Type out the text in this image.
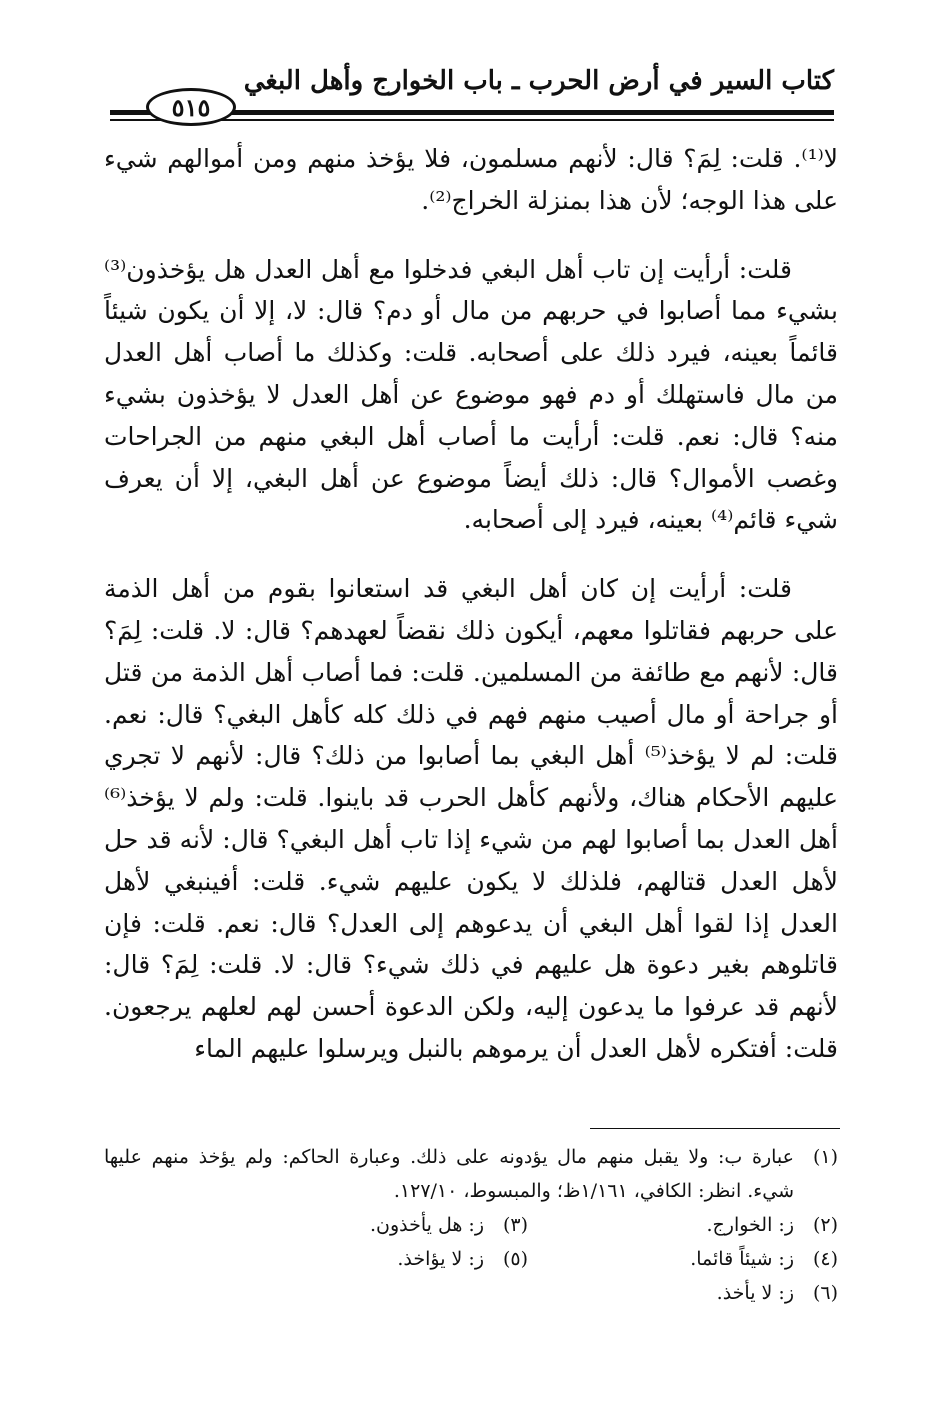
كتاب السير في أرض الحرب ـ باب الخوارج وأهل البغي
٥١٥

لا⁽¹⁾. قلت: لِمَ؟ قال: لأنهم مسلمون، فلا يؤخذ منهم ومن أموالهم شيء على هذا الوجه؛ لأن هذا بمنزلة الخراج⁽²⁾.

قلت: أرأيت إن تاب أهل البغي فدخلوا مع أهل العدل هل يؤخذون⁽³⁾ بشيء مما أصابوا في حربهم من مال أو دم؟ قال: لا، إلا أن يكون شيئاً قائماً بعينه، فيرد ذلك على أصحابه. قلت: وكذلك ما أصاب أهل العدل من مال فاستهلك أو دم فهو موضوع عن أهل العدل لا يؤخذون بشيء منه؟ قال: نعم. قلت: أرأيت ما أصاب أهل البغي منهم من الجراحات وغصب الأموال؟ قال: ذلك أيضاً موضوع عن أهل البغي، إلا أن يعرف شيء قائم⁽⁴⁾ بعينه، فيرد إلى أصحابه.

قلت: أرأيت إن كان أهل البغي قد استعانوا بقوم من أهل الذمة على حربهم فقاتلوا معهم، أيكون ذلك نقضاً لعهدهم؟ قال: لا. قلت: لِمَ؟ قال: لأنهم مع طائفة من المسلمين. قلت: فما أصاب أهل الذمة من قتل أو جراحة أو مال أصيب منهم فهم في ذلك كله كأهل البغي؟ قال: نعم. قلت: لم لا يؤخذ⁽⁵⁾ أهل البغي بما أصابوا من ذلك؟ قال: لأنهم لا تجري عليهم الأحكام هناك، ولأنهم كأهل الحرب قد باينوا. قلت: ولم لا يؤخذ⁽⁶⁾ أهل العدل بما أصابوا لهم من شيء إذا تاب أهل البغي؟ قال: لأنه قد حل لأهل العدل قتالهم، فلذلك لا يكون عليهم شيء. قلت: أفينبغي لأهل العدل إذا لقوا أهل البغي أن يدعوهم إلى العدل؟ قال: نعم. قلت: فإن قاتلوهم بغير دعوة هل عليهم في ذلك شيء؟ قال: لا. قلت: لِمَ؟ قال: لأنهم قد عرفوا ما يدعون إليه، ولكن الدعوة أحسن لهم لعلهم يرجعون. قلت: أفتكره لأهل العدل أن يرموهم بالنبل ويرسلوا عليهم الماء

(١)
عبارة ب: ولا يقبل منهم مال يؤدونه على ذلك. وعبارة الحاكم: ولم يؤخذ منهم عليها شيء. انظر: الكافي، ١/١٦١ظ؛ والمبسوط، ١٢٧/١٠.
(٢)
ز: الخوارج.
(٣)
ز: هل يأخذون.
(٤)
ز: شيئاً قائما.
(٥)
ز: لا يؤاخذ.
(٦)
ز: لا يأخذ.
